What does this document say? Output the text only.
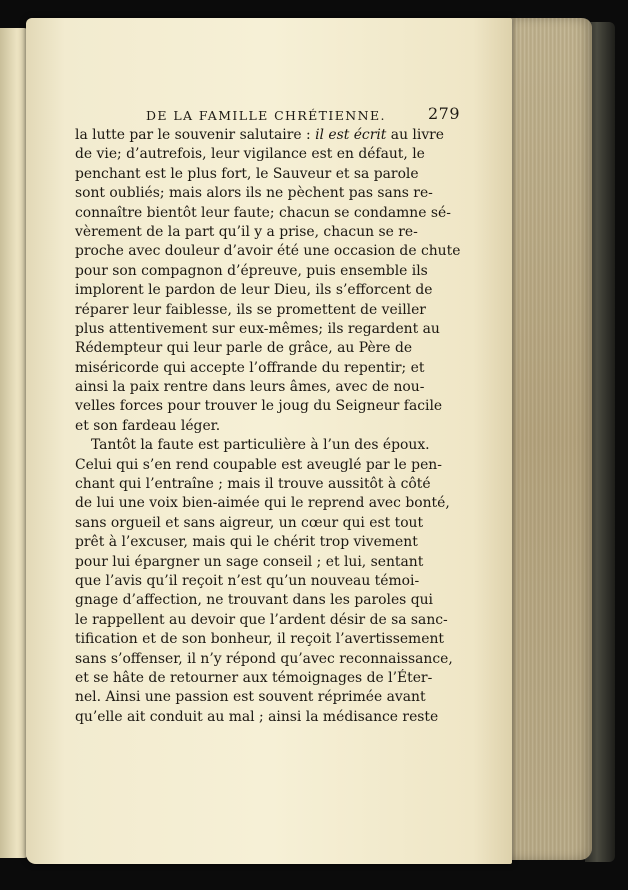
DE LA FAMILLE CHRÉTIENNE.	279
la lutte par le souvenir salutaire : il est écrit au livre
de vie; d’autrefois, leur vigilance est en défaut, le
penchant est le plus fort, le Sauveur et sa parole
sont oubliés; mais alors ils ne pèchent pas sans re-
connaître bientôt leur faute; chacun se condamne sé-
vèrement de la part qu’il y a prise, chacun se re-
proche avec douleur d’avoir été une occasion de chute
pour son compagnon d’épreuve, puis ensemble ils
implorent le pardon de leur Dieu, ils s’efforcent de
réparer leur faiblesse, ils se promettent de veiller
plus attentivement sur eux-mêmes; ils regardent au
Rédempteur qui leur parle de grâce, au Père de
miséricorde qui accepte l’offrande du repentir; et
ainsi la paix rentre dans leurs âmes, avec de nou-
velles forces pour trouver le joug du Seigneur facile
et son fardeau léger.
Tantôt la faute est particulière à l’un des époux.
Celui qui s’en rend coupable est aveuglé par le pen-
chant qui l’entraîne ; mais il trouve aussitôt à côté
de lui une voix bien-aimée qui le reprend avec bonté,
sans orgueil et sans aigreur, un cœur qui est tout
prêt à l’excuser, mais qui le chérit trop vivement
pour lui épargner un sage conseil ; et lui, sentant
que l’avis qu’il reçoit n’est qu’un nouveau témoi-
gnage d’affection, ne trouvant dans les paroles qui
le rappellent au devoir que l’ardent désir de sa sanc-
tification et de son bonheur, il reçoit l’avertissement
sans s’offenser, il n’y répond qu’avec reconnaissance,
et se hâte de retourner aux témoignages de l’Éter-
nel. Ainsi une passion est souvent réprimée avant
qu’elle ait conduit au mal ; ainsi la médisance reste
